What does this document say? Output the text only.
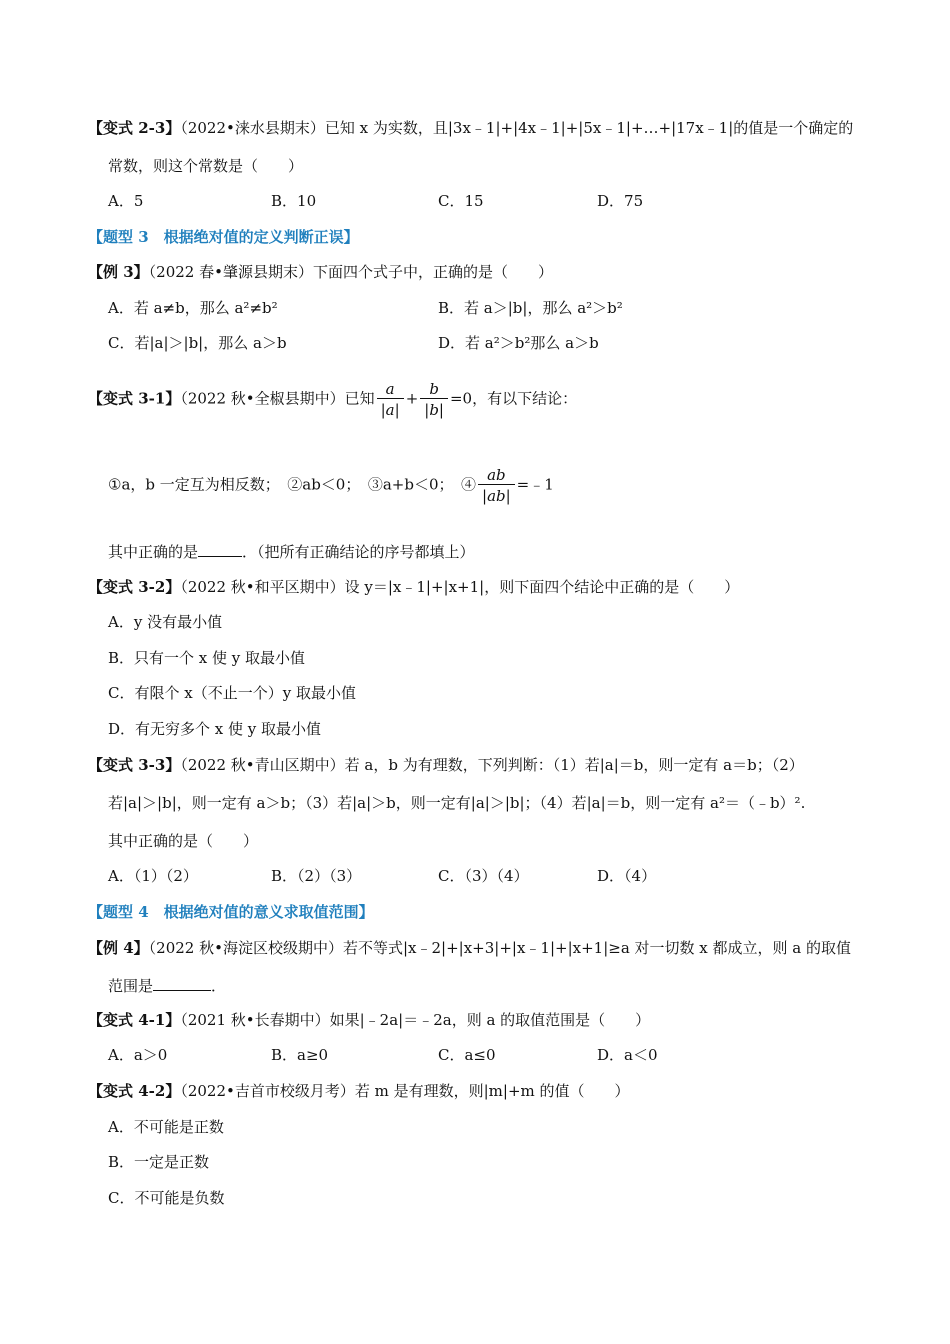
【变式 2-3】（2022•涞水县期末）已知 x 为实数，且|3x﹣1|+|4x﹣1|+|5x﹣1|+…+|17x﹣1|的值是一个确定的
常数，则这个常数是（　　）
A．5	B．10	C．15	D．75
【题型 3　根据绝对值的定义判断正误】
【例 3】（2022 春•肇源县期末）下面四个式子中，正确的是（　　）
A．若 a≠b，那么 a²≠b²	B．若 a＞|b|，那么 a²＞b²
C．若|a|＞|b|，那么 a＞b	D．若 a²＞b²那么 a＞b
【变式 3-1】（2022 秋•全椒县期中）已知 $\frac{a}{|a|} + \frac{b}{|b|} =0$，有以下结论：
①a，b 一定互为相反数；　②ab＜0；　③a+b＜0；　④ $\frac{ab}{|ab|}$ =﹣1
其中正确的是	．（把所有正确结论的序号都填上）
【变式 3-2】（2022 秋•和平区期中）设 y＝|x﹣1|+|x+1|，则下面四个结论中正确的是（　　）
A．y 没有最小值
B．只有一个 x 使 y 取最小值
C．有限个 x（不止一个）y 取最小值
D．有无穷多个 x 使 y 取最小值
【变式 3-3】（2022 秋•青山区期中）若 a，b 为有理数，下列判断：（1）若|a|＝b，则一定有 a＝b；（2）
若|a|＞|b|，则一定有 a＞b；（3）若|a|＞b，则一定有|a|＞|b|；（4）若|a|＝b，则一定有 a²＝（﹣b）².
其中正确的是（　　）
A．（1）（2）	B．（2）（3）	C．（3）（4）	D．（4）
【题型 4　根据绝对值的意义求取值范围】
【例 4】（2022 秋•海淀区校级期中）若不等式|x﹣2|+|x+3|+|x﹣1|+|x+1|≥a 对一切数 x 都成立，则 a 的取值
范围是	．
【变式 4-1】（2021 秋•长春期中）如果|﹣2a|＝﹣2a，则 a 的取值范围是（　　）
A．a＞0	B．a≥0	C．a≤0	D．a＜0
【变式 4-2】（2022•吉首市校级月考）若 m 是有理数，则|m|+m 的值（　　）
A．不可能是正数
B．一定是正数
C．不可能是负数
